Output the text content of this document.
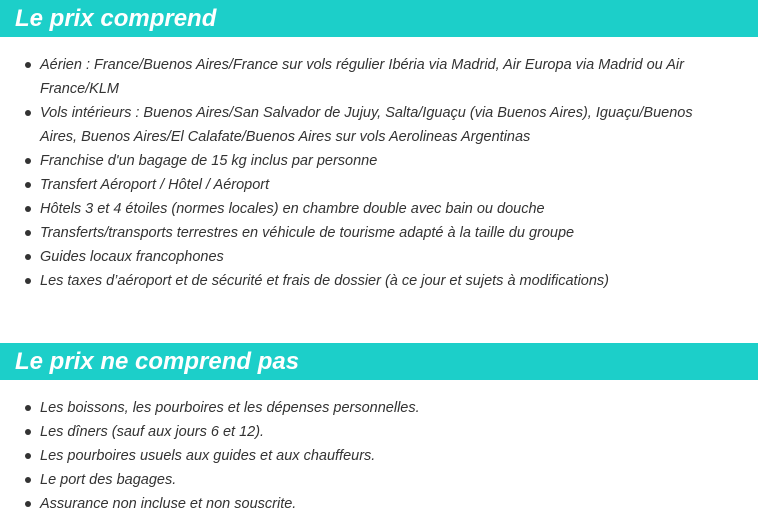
Le prix comprend
Aérien : France/Buenos Aires/France sur vols régulier Ibéria via Madrid, Air Europa via Madrid ou Air France/KLM
Vols intérieurs : Buenos Aires/San Salvador de Jujuy, Salta/Iguaçu (via Buenos Aires), Iguaçu/Buenos Aires, Buenos Aires/El Calafate/Buenos Aires sur vols Aerolineas Argentinas
Franchise d'un bagage de 15 kg inclus par personne
Transfert Aéroport / Hôtel / Aéroport
Hôtels 3 et 4 étoiles (normes locales) en chambre double avec bain ou douche
Transferts/transports terrestres en véhicule de tourisme adapté à la taille du groupe
Guides locaux francophones
Les taxes d’aéroport et de sécurité et frais de dossier (à ce jour et sujets à modifications)
Le prix ne comprend pas
Les boissons, les pourboires et les dépenses personnelles.
Les dîners (sauf aux jours 6 et 12).
Les pourboires usuels aux guides et aux chauffeurs.
Le port des bagages.
Assurance non incluse et non souscrite.
